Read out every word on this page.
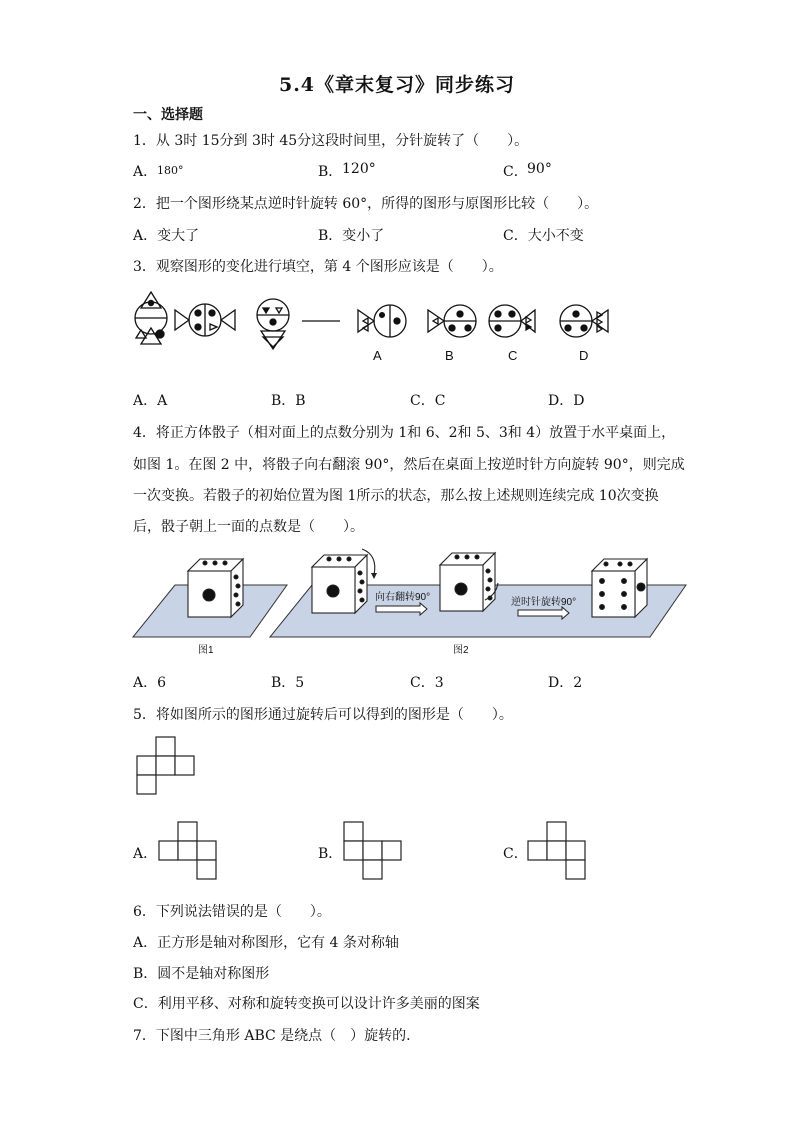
5.4《章末复习》同步练习
一、选择题
1．从 3时 15分到 3时 45分这段时间里，分针旋转了（　　）。
A． 180°	B． 120°	C． 90°
2．把一个图形绕某点逆时针旋转 60°，所得的图形与原图形比较（　　）。
A．变大了	B．变小了	C．大小不变
3．观察图形的变化进行填空，第 4 个图形应该是（　　）。
A	B	C	D
A．A	B．B	C．C	D．D
4．将正方体骰子（相对面上的点数分别为 1和 6、2和 5、3和 4）放置于水平桌面上，
如图 1。在图 2 中，将骰子向右翻滚 90°，然后在桌面上按逆时针方向旋转 90°，则完成
一次变换。若骰子的初始位置为图 1所示的状态，那么按上述规则连续完成 10次变换
后，骰子朝上一面的点数是（　　）。
向右翻转90°	逆时针旋转90°
图1	图2
A．6	B．5	C．3	D．2
5．将如图所示的图形通过旋转后可以得到的图形是（　　）。
A．	B．	C．
6．下列说法错误的是（　　）。
A．正方形是轴对称图形，它有 4 条对称轴
B．圆不是轴对称图形
C．利用平移、对称和旋转变换可以设计许多美丽的图案
7．下图中三角形 ABC 是绕点（　）旋转的.
